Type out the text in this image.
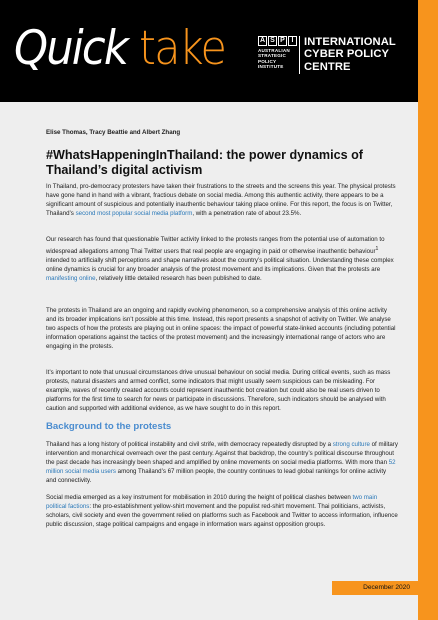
Quick take	A S P I
AUSTRALIAN
STRATEGIC
POLICY
INSTITUTE
INTERNATIONAL
CYBER POLICY
CENTRE
Elise Thomas, Tracy Beattie and Albert Zhang
#WhatsHappeningInThailand: the power dynamics of Thailand’s digital activism

In Thailand, pro-democracy protesters have taken their frustrations to the streets and the screens this year. The physical protests have gone hand in hand with a vibrant, fractious debate on social media. Among this authentic activity, there appears to be a significant amount of suspicious and potentially inauthentic behaviour taking place online. For this report, the focus is on Twitter, Thailand’s second most popular social media platform, with a penetration rate of about 23.5%.

Our research has found that questionable Twitter activity linked to the protests ranges from the potential use of automation to widespread allegations among Thai Twitter users that real people are engaging in paid or otherwise inauthentic behaviour$^1$ intended to artificially shift perceptions and shape narratives about the country’s political situation. Understanding these complex online dynamics is crucial for any broader analysis of the protest movement and its implications. Given that the protests are manifesting online, relatively little detailed research has been published to date.

The protests in Thailand are an ongoing and rapidly evolving phenomenon, so a comprehensive analysis of this online activity and its broader implications isn’t possible at this time. Instead, this report presents a snapshot of activity on Twitter. We analyse two aspects of how the protests are playing out in online spaces: the impact of powerful state-linked accounts (including potential information operations against the tactics of the protest movement) and the increasingly international range of actors who are engaging in the protests.

It’s important to note that unusual circumstances drive unusual behaviour on social media. During critical events, such as mass protests, natural disasters and armed conflict, some indicators that might usually seem suspicious can be misleading. For example, waves of recently created accounts could represent inauthentic bot creation but could also be real users driven to platforms for the first time to search for news or participate in discussions. Therefore, such indicators should be analysed with caution and supported with additional evidence, as we have sought to do in this report.

Background to the protests

Thailand has a long history of political instability and civil strife, with democracy repeatedly disrupted by a strong culture of military intervention and monarchical overreach over the past century. Against that backdrop, the country’s political discourse throughout the past decade has increasingly been shaped and amplified by online movements on social media platforms. With more than 52 million social media users among Thailand’s 67 million people, the country continues to lead global rankings for online activity and connectivity.

Social media emerged as a key instrument for mobilisation in 2010 during the height of political clashes between two main political factions: the pro-establishment yellow-shirt movement and the populist red-shirt movement. Thai politicians, activists, scholars, civil society and even the government relied on platforms such as Facebook and Twitter to access information, influence public discussion, stage political campaigns and engage in information wars against opposition groups.

December 2020
